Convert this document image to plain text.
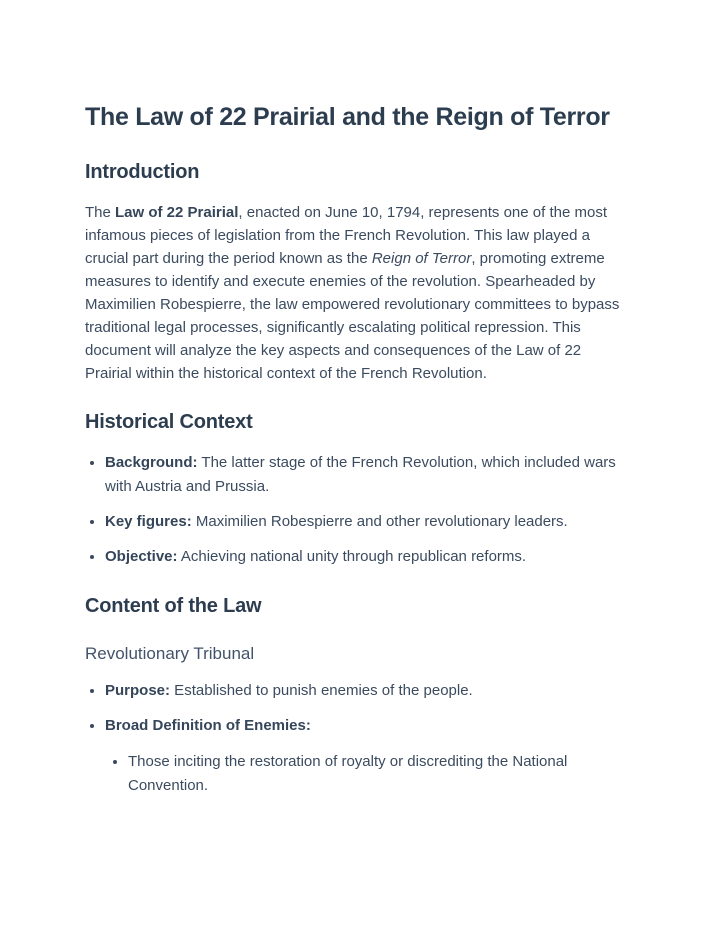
The Law of 22 Prairial and the Reign of Terror
Introduction

The Law of 22 Prairial, enacted on June 10, 1794, represents one of the most infamous pieces of legislation from the French Revolution. This law played a crucial part during the period known as the Reign of Terror, promoting extreme measures to identify and execute enemies of the revolution. Spearheaded by Maximilien Robespierre, the law empowered revolutionary committees to bypass traditional legal processes, significantly escalating political repression. This document will analyze the key aspects and consequences of the Law of 22 Prairial within the historical context of the French Revolution.

Historical Context
• Background: The latter stage of the French Revolution, which included wars with Austria and Prussia.
• Key figures: Maximilien Robespierre and other revolutionary leaders.
• Objective: Achieving national unity through republican reforms.
Content of the Law
Revolutionary Tribunal
• Purpose: Established to punish enemies of the people.
• Broad Definition of Enemies:
• Those inciting the restoration of royalty or discrediting the National Convention.
